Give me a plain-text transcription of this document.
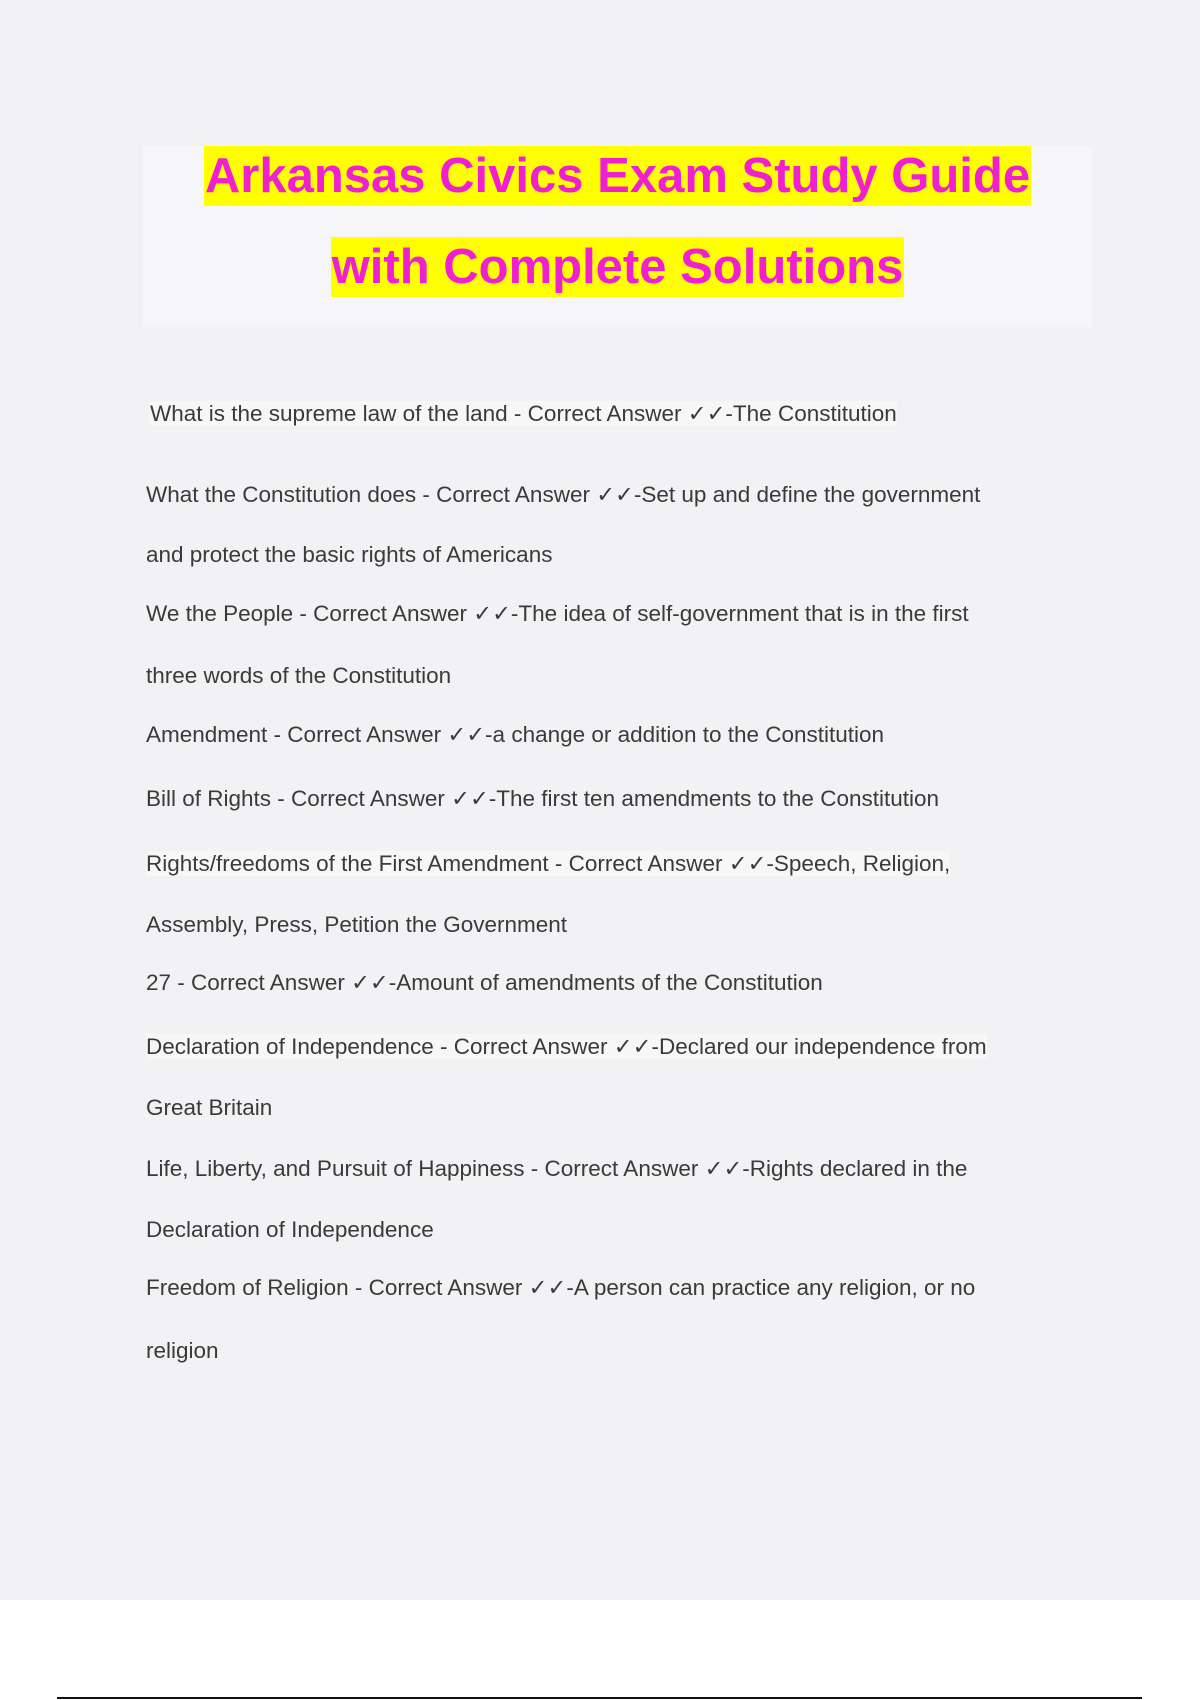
Arkansas Civics Exam Study Guide
with Complete Solutions
What is the supreme law of the land - Correct Answer ✓✓-The Constitution
What the Constitution does - Correct Answer ✓✓-Set up and define the government
and protect the basic rights of Americans
We the People - Correct Answer ✓✓-The idea of self-government that is in the first
three words of the Constitution
Amendment - Correct Answer ✓✓-a change or addition to the Constitution
Bill of Rights - Correct Answer ✓✓-The first ten amendments to the Constitution
Rights/freedoms of the First Amendment - Correct Answer ✓✓-Speech, Religion,
Assembly, Press, Petition the Government
27 - Correct Answer ✓✓-Amount of amendments of the Constitution
Declaration of Independence - Correct Answer ✓✓-Declared our independence from
Great Britain
Life, Liberty, and Pursuit of Happiness - Correct Answer ✓✓-Rights declared in the
Declaration of Independence
Freedom of Religion - Correct Answer ✓✓-A person can practice any religion, or no
religion
